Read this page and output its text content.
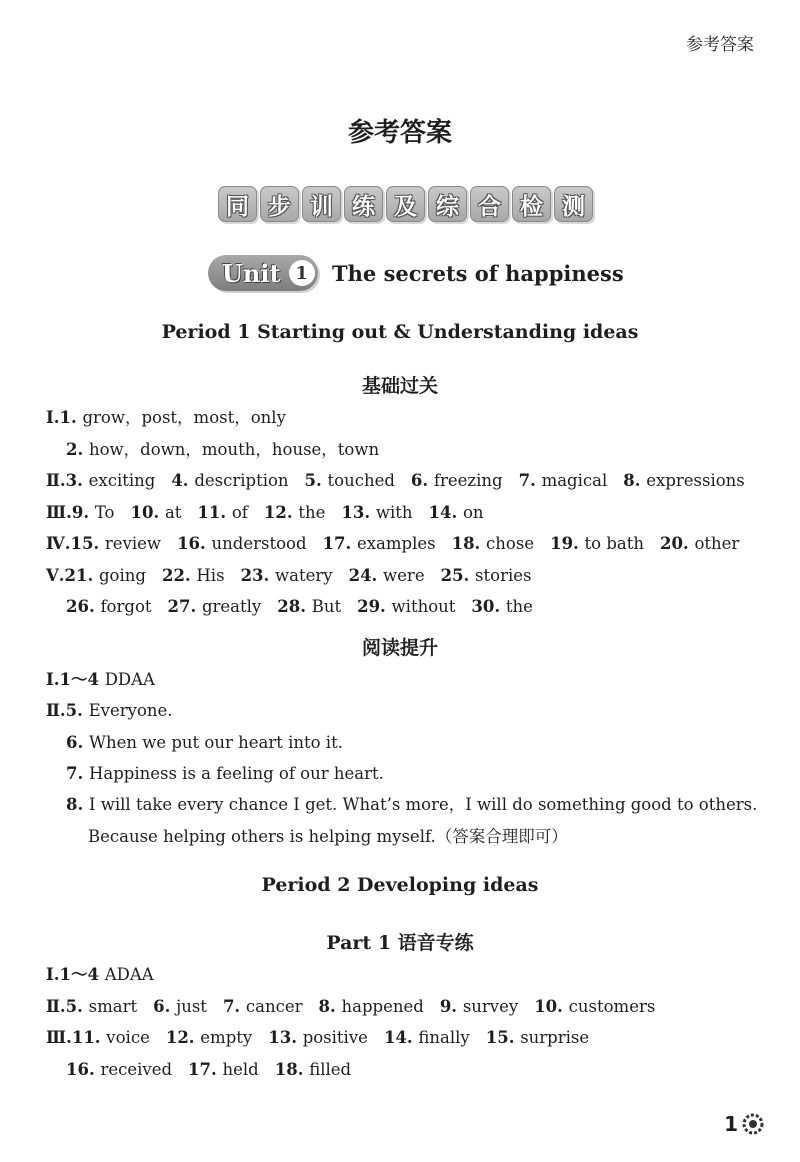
参考答案
参考答案
同 步 训 练 及 综 合 检 测
Unit 1	The secrets of happiness
Period 1 Starting out & Understanding ideas
基础过关
Ⅰ.1. grow，post，most，only
2. how，down，mouth，house，town
Ⅱ.3. exciting 4. description 5. touched 6. freezing 7. magical 8. expressions
Ⅲ.9. To 10. at 11. of 12. the 13. with 14. on
Ⅳ.15. review 16. understood 17. examples 18. chose 19. to bath 20. other
Ⅴ.21. going 22. His 23. watery 24. were 25. stories
26. forgot 27. greatly 28. But 29. without 30. the
阅读提升
Ⅰ.1～4 DDAA
Ⅱ.5. Everyone.
6. When we put our heart into it.
7. Happiness is a feeling of our heart.
8. I will take every chance I get. What’s more，I will do something good to others.
Because helping others is helping myself.（答案合理即可）
Period 2 Developing ideas
Part 1 语音专练
Ⅰ.1～4 ADAA
Ⅱ.5. smart 6. just 7. cancer 8. happened 9. survey 10. customers
Ⅲ.11. voice 12. empty 13. positive 14. finally 15. surprise
16. received 17. held 18. filled
1
